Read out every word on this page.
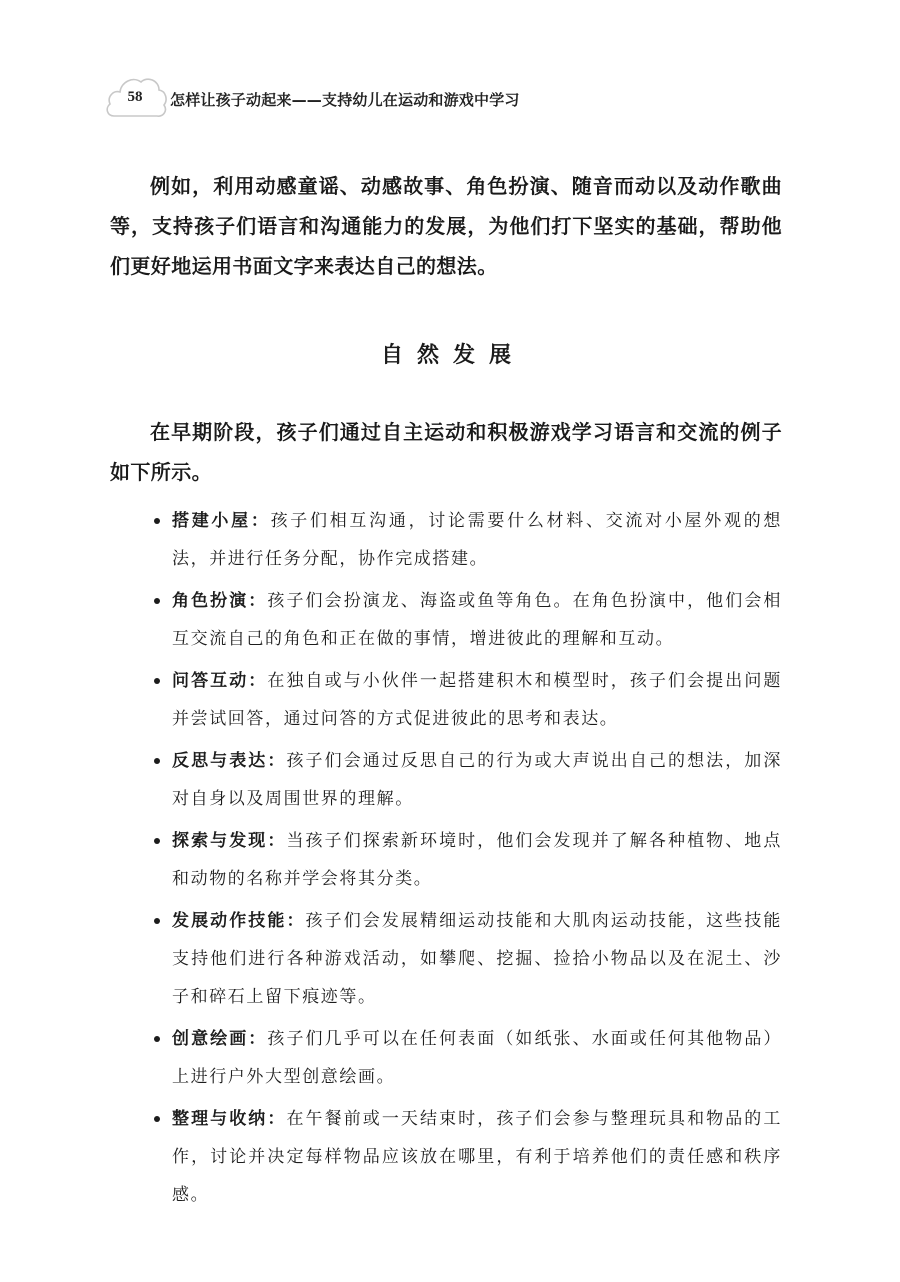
58	怎样让孩子动起来——支持幼儿在运动和游戏中学习

例如，利用动感童谣、动感故事、角色扮演、随音而动以及动作歌曲等，支持孩子们语言和沟通能力的发展，为他们打下坚实的基础，帮助他们更好地运用书面文字来表达自己的想法。

自然发展

在早期阶段，孩子们通过自主运动和积极游戏学习语言和交流的例子如下所示。

搭建小屋：孩子们相互沟通，讨论需要什么材料、交流对小屋外观的想法，并进行任务分配，协作完成搭建。
角色扮演：孩子们会扮演龙、海盗或鱼等角色。在角色扮演中，他们会相互交流自己的角色和正在做的事情，增进彼此的理解和互动。
问答互动：在独自或与小伙伴一起搭建积木和模型时，孩子们会提出问题并尝试回答，通过问答的方式促进彼此的思考和表达。
反思与表达：孩子们会通过反思自己的行为或大声说出自己的想法，加深对自身以及周围世界的理解。
探索与发现：当孩子们探索新环境时，他们会发现并了解各种植物、地点和动物的名称并学会将其分类。
发展动作技能：孩子们会发展精细运动技能和大肌肉运动技能，这些技能支持他们进行各种游戏活动，如攀爬、挖掘、捡拾小物品以及在泥土、沙子和碎石上留下痕迹等。
创意绘画：孩子们几乎可以在任何表面（如纸张、水面或任何其他物品）上进行户外大型创意绘画。
整理与收纳：在午餐前或一天结束时，孩子们会参与整理玩具和物品的工作，讨论并决定每样物品应该放在哪里，有利于培养他们的责任感和秩序感。
